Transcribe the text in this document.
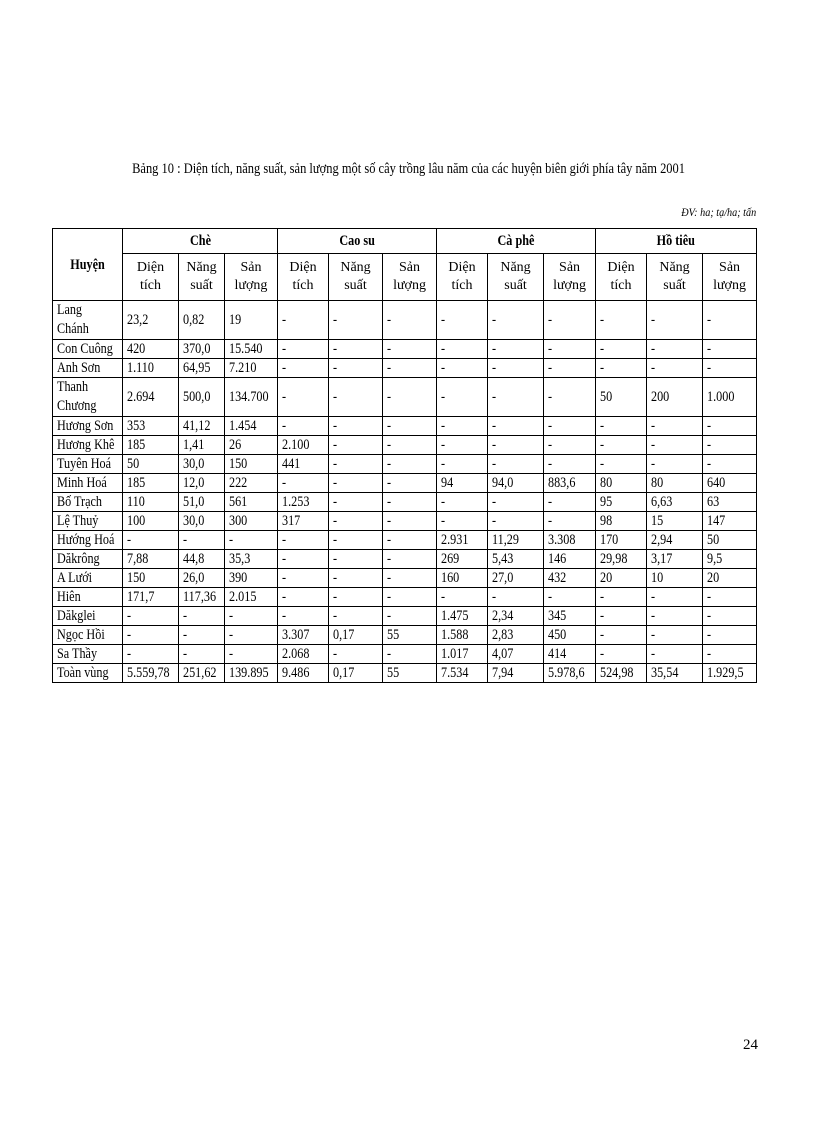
Bảng 10 : Diện tích, năng suất, sản lượng một số cây trồng lâu năm của các huyện biên giới phía tây năm 2001
ĐV: ha; tạ/ha; tấn
Huyện	Chè			Cao su			Cà phê			Hồ tiêu		
	Diện tích	Năng suất	Sản lượng	Diện tích	Năng suất	Sản lượng	Diện tích	Năng suất	Sản lượng	Diện tích	Năng suất	Sản lượng
Lang Chánh	23,2	0,82	19	-	-	-	-	-	-	-	-	-
Con Cuông	420	370,0	15.540	-	-	-	-	-	-	-	-	-
Anh Sơn	1.110	64,95	7.210	-	-	-	-	-	-	-	-	-
Thanh Chương	2.694	500,0	134.700	-	-	-	-	-	-	50	200	1.000
Hương Sơn	353	41,12	1.454	-	-	-	-	-	-	-	-	-
Hương Khê	185	1,41	26	2.100	-	-	-	-	-	-	-	-
Tuyên Hoá	50	30,0	150	441	-	-	-	-	-	-	-	-
Minh Hoá	185	12,0	222	-	-	-	94	94,0	883,6	80	80	640
Bố Trạch	110	51,0	561	1.253	-	-	-	-	-	95	6,63	63
Lệ Thuỷ	100	30,0	300	317	-	-	-	-	-	98	15	147
Hướng Hoá	-	-	-	-	-	-	2.931	11,29	3.308	170	2,94	50
Dăkrông	7,88	44,8	35,3	-	-	-	269	5,43	146	29,98	3,17	9,5
A Lưới	150	26,0	390	-	-	-	160	27,0	432	20	10	20
Hiên	171,7	117,36	2.015	-	-	-	-	-	-	-	-	-
Dăkglei	-	-	-	-	-	-	1.475	2,34	345	-	-	-
Ngọc Hồi	-	-	-	3.307	0,17	55	1.588	2,83	450	-	-	-
Sa Thầy	-	-	-	2.068	-	-	1.017	4,07	414	-	-	-
Toàn vùng	5.559,78	251,62	139.895	9.486	0,17	55	7.534	7,94	5.978,6	524,98	35,54	1.929,5
24
